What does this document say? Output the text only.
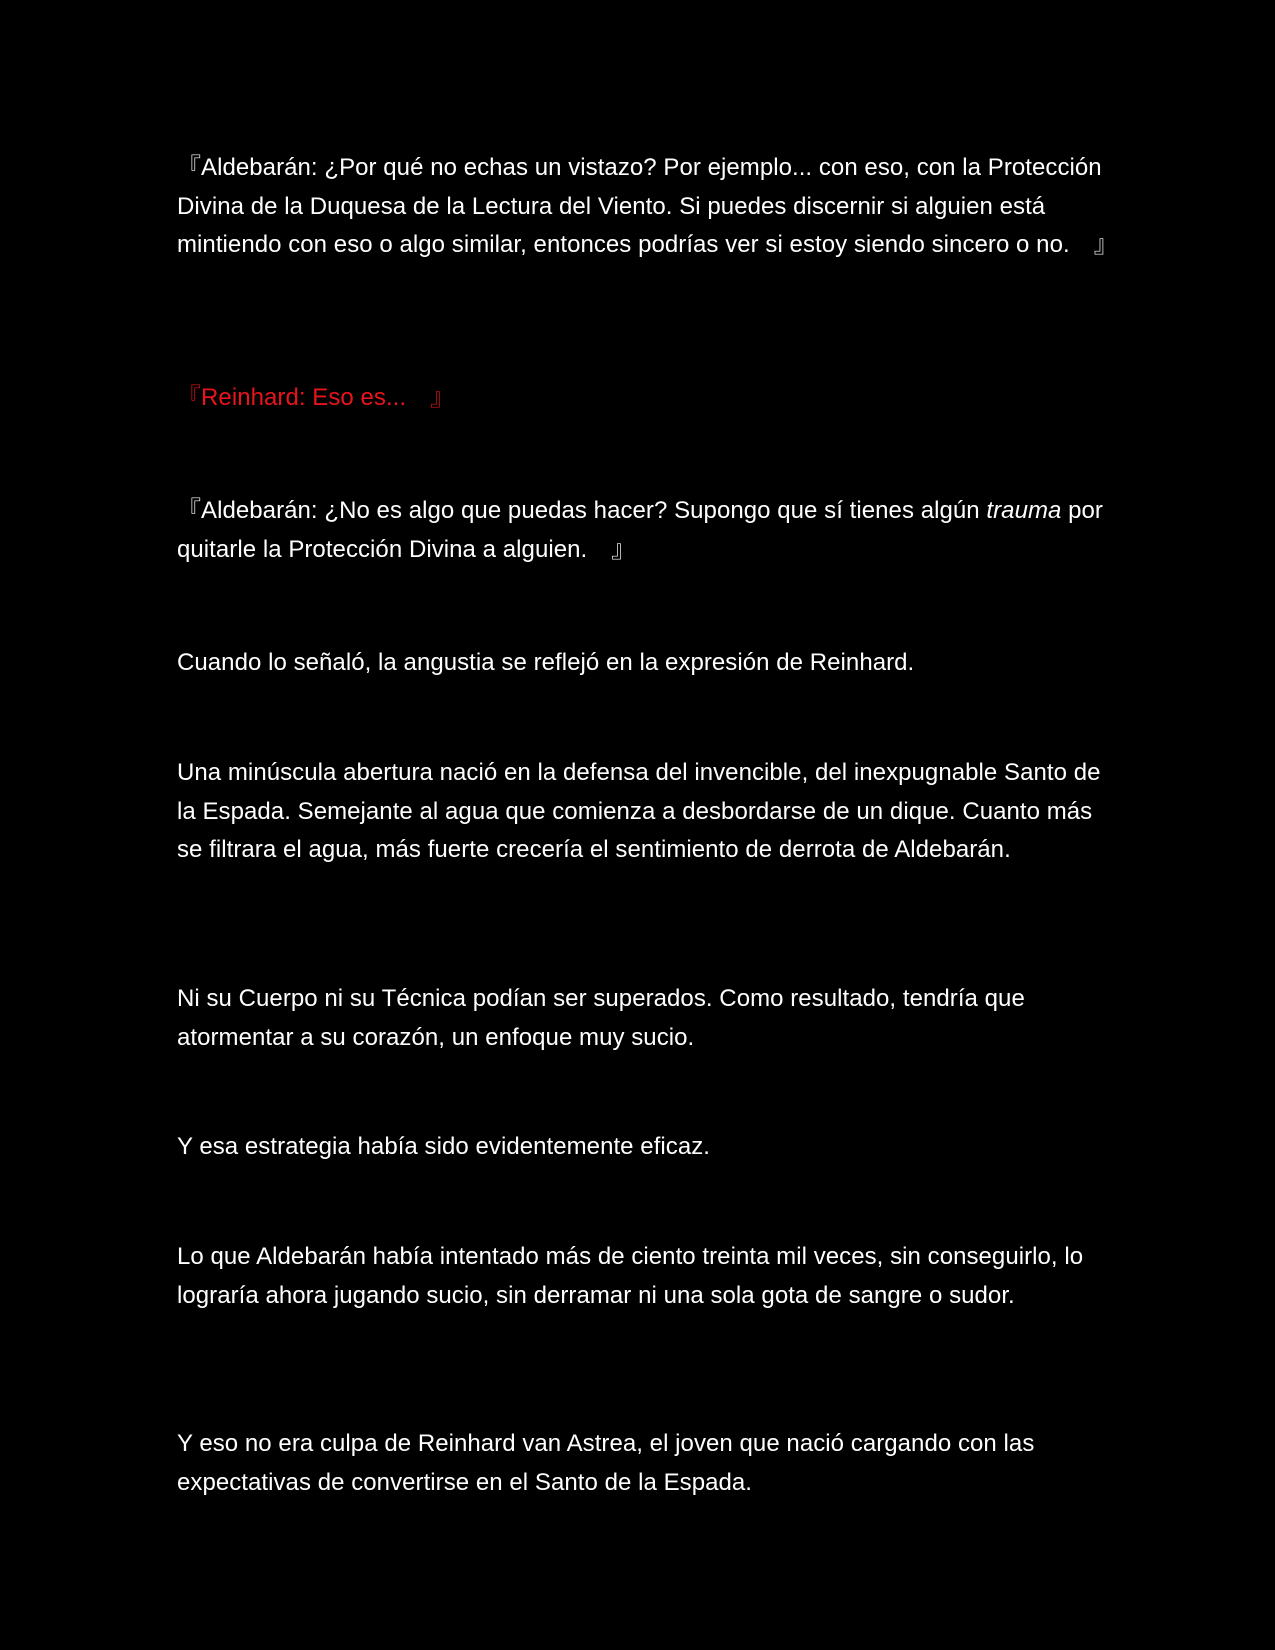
『Aldebarán: ¿Por qué no echas un vistazo? Por ejemplo... con eso, con la Protección Divina de la Duquesa de la Lectura del Viento. Si puedes discernir si alguien está mintiendo con eso o algo similar, entonces podrías ver si estoy siendo sincero o no.　』

『Reinhard: Eso es...　』

『Aldebarán: ¿No es algo que puedas hacer? Supongo que sí tienes algún trauma por quitarle la Protección Divina a alguien.　』

Cuando lo señaló, la angustia se reflejó en la expresión de Reinhard.

Una minúscula abertura nació en la defensa del invencible, del inexpugnable Santo de la Espada. Semejante al agua que comienza a desbordarse de un dique. Cuanto más se filtrara el agua, más fuerte crecería el sentimiento de derrota de Aldebarán.

Ni su Cuerpo ni su Técnica podían ser superados. Como resultado, tendría que atormentar a su corazón, un enfoque muy sucio.

Y esa estrategia había sido evidentemente eficaz.

Lo que Aldebarán había intentado más de ciento treinta mil veces, sin conseguirlo, lo lograría ahora jugando sucio, sin derramar ni una sola gota de sangre o sudor.

Y eso no era culpa de Reinhard van Astrea, el joven que nació cargando con las expectativas de convertirse en el Santo de la Espada.
